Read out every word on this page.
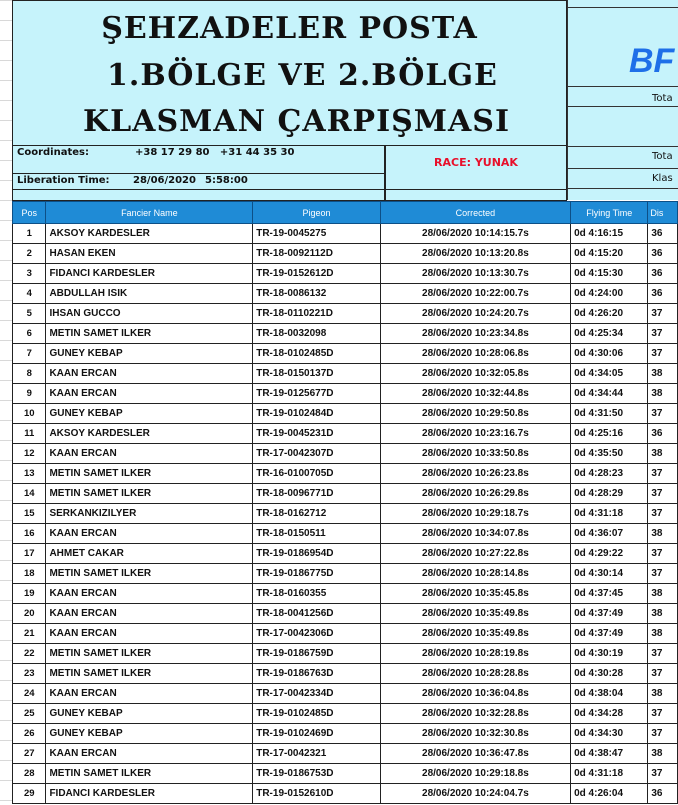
ŞEHZADELER POSTA
1.BÖLGE VE 2.BÖLGE
KLASMAN ÇARPIŞMASI
Coordinates:	+38 17 29 80   +31 44 35 30
Liberation Time: 28/06/2020 5:58:00
RACE: YUNAK
BF
Tota
Tota
Klas
Pos	Fancier Name	Pigeon	Corrected	Flying Time	Dis
1	AKSOY KARDESLER	TR-19-0045275	28/06/2020 10:14:15.7s	0d 4:16:15	36
2	HASAN EKEN	TR-18-0092112D	28/06/2020 10:13:20.8s	0d 4:15:20	36
3	FIDANCI KARDESLER	TR-19-0152612D	28/06/2020 10:13:30.7s	0d 4:15:30	36
4	ABDULLAH ISIK	TR-18-0086132	28/06/2020 10:22:00.7s	0d 4:24:00	36
5	IHSAN GUCCO	TR-18-0110221D	28/06/2020 10:24:20.7s	0d 4:26:20	37
6	METIN SAMET ILKER	TR-18-0032098	28/06/2020 10:23:34.8s	0d 4:25:34	37
7	GUNEY KEBAP	TR-18-0102485D	28/06/2020 10:28:06.8s	0d 4:30:06	37
8	KAAN ERCAN	TR-18-0150137D	28/06/2020 10:32:05.8s	0d 4:34:05	38
9	KAAN ERCAN	TR-19-0125677D	28/06/2020 10:32:44.8s	0d 4:34:44	38
10	GUNEY KEBAP	TR-19-0102484D	28/06/2020 10:29:50.8s	0d 4:31:50	37
11	AKSOY KARDESLER	TR-19-0045231D	28/06/2020 10:23:16.7s	0d 4:25:16	36
12	KAAN ERCAN	TR-17-0042307D	28/06/2020 10:33:50.8s	0d 4:35:50	38
13	METIN SAMET ILKER	TR-16-0100705D	28/06/2020 10:26:23.8s	0d 4:28:23	37
14	METIN SAMET ILKER	TR-18-0096771D	28/06/2020 10:26:29.8s	0d 4:28:29	37
15	SERKANKIZILYER	TR-18-0162712	28/06/2020 10:29:18.7s	0d 4:31:18	37
16	KAAN ERCAN	TR-18-0150511	28/06/2020 10:34:07.8s	0d 4:36:07	38
17	AHMET CAKAR	TR-19-0186954D	28/06/2020 10:27:22.8s	0d 4:29:22	37
18	METIN SAMET ILKER	TR-19-0186775D	28/06/2020 10:28:14.8s	0d 4:30:14	37
19	KAAN ERCAN	TR-18-0160355	28/06/2020 10:35:45.8s	0d 4:37:45	38
20	KAAN ERCAN	TR-18-0041256D	28/06/2020 10:35:49.8s	0d 4:37:49	38
21	KAAN ERCAN	TR-17-0042306D	28/06/2020 10:35:49.8s	0d 4:37:49	38
22	METIN SAMET ILKER	TR-19-0186759D	28/06/2020 10:28:19.8s	0d 4:30:19	37
23	METIN SAMET ILKER	TR-19-0186763D	28/06/2020 10:28:28.8s	0d 4:30:28	37
24	KAAN ERCAN	TR-17-0042334D	28/06/2020 10:36:04.8s	0d 4:38:04	38
25	GUNEY KEBAP	TR-19-0102485D	28/06/2020 10:32:28.8s	0d 4:34:28	37
26	GUNEY KEBAP	TR-19-0102469D	28/06/2020 10:32:30.8s	0d 4:34:30	37
27	KAAN ERCAN	TR-17-0042321	28/06/2020 10:36:47.8s	0d 4:38:47	38
28	METIN SAMET ILKER	TR-19-0186753D	28/06/2020 10:29:18.8s	0d 4:31:18	37
29	FIDANCI KARDESLER	TR-19-0152610D	28/06/2020 10:24:04.7s	0d 4:26:04	36
